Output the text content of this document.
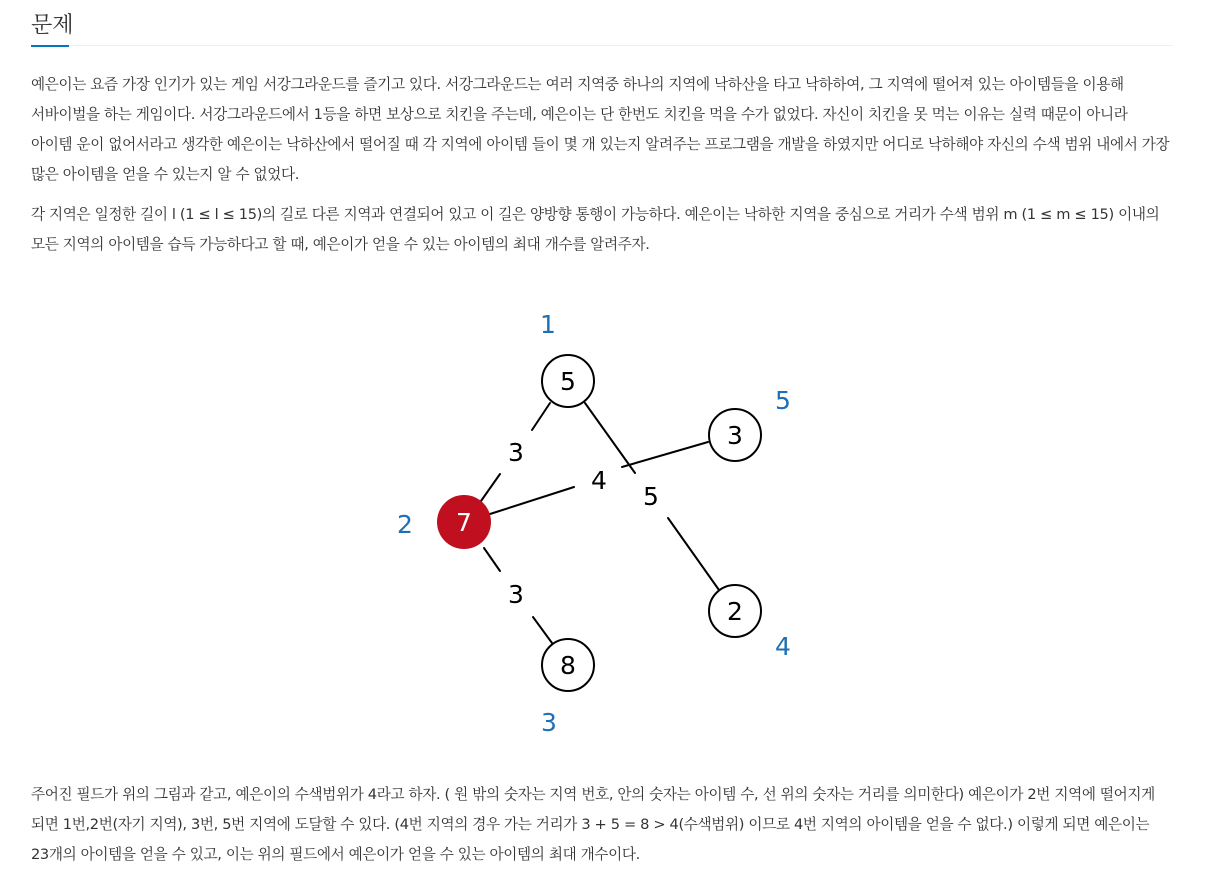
문제

예은이는 요즘 가장 인기가 있는 게임 서강그라운드를 즐기고 있다. 서강그라운드는 여러 지역중 하나의 지역에 낙하산을 타고 낙하하여, 그 지역에 떨어져 있는 아이템들을 이용해 서바이벌을 하는 게임이다. 서강그라운드에서 1등을 하면 보상으로 치킨을 주는데, 예은이는 단 한번도 치킨을 먹을 수가 없었다. 자신이 치킨을 못 먹는 이유는 실력 때문이 아니라 아이템 운이 없어서라고 생각한 예은이는 낙하산에서 떨어질 때 각 지역에 아이템 들이 몇 개 있는지 알려주는 프로그램을 개발을 하였지만 어디로 낙하해야 자신의 수색 범위 내에서 가장 많은 아이템을 얻을 수 있는지 알 수 없었다.

각 지역은 일정한 길이 l (1 ≤ l ≤ 15)의 길로 다른 지역과 연결되어 있고 이 길은 양방향 통행이 가능하다. 예은이는 낙하한 지역을 중심으로 거리가 수색 범위 m (1 ≤ m ≤ 15) 이내의 모든 지역의 아이템을 습득 가능하다고 할 때, 예은이가 얻을 수 있는 아이템의 최대 개수를 알려주자.

3
3
4
5
5
7
8
2
3
1
2
3
4
5

주어진 필드가 위의 그림과 같고, 예은이의 수색범위가 4라고 하자. ( 원 밖의 숫자는 지역 번호, 안의 숫자는 아이템 수, 선 위의 숫자는 거리를 의미한다) 예은이가 2번 지역에 떨어지게 되면 1번,2번(자기 지역), 3번, 5번 지역에 도달할 수 있다. (4번 지역의 경우 가는 거리가 3 + 5 = 8 > 4(수색범위) 이므로 4번 지역의 아이템을 얻을 수 없다.) 이렇게 되면 예은이는 23개의 아이템을 얻을 수 있고, 이는 위의 필드에서 예은이가 얻을 수 있는 아이템의 최대 개수이다.
